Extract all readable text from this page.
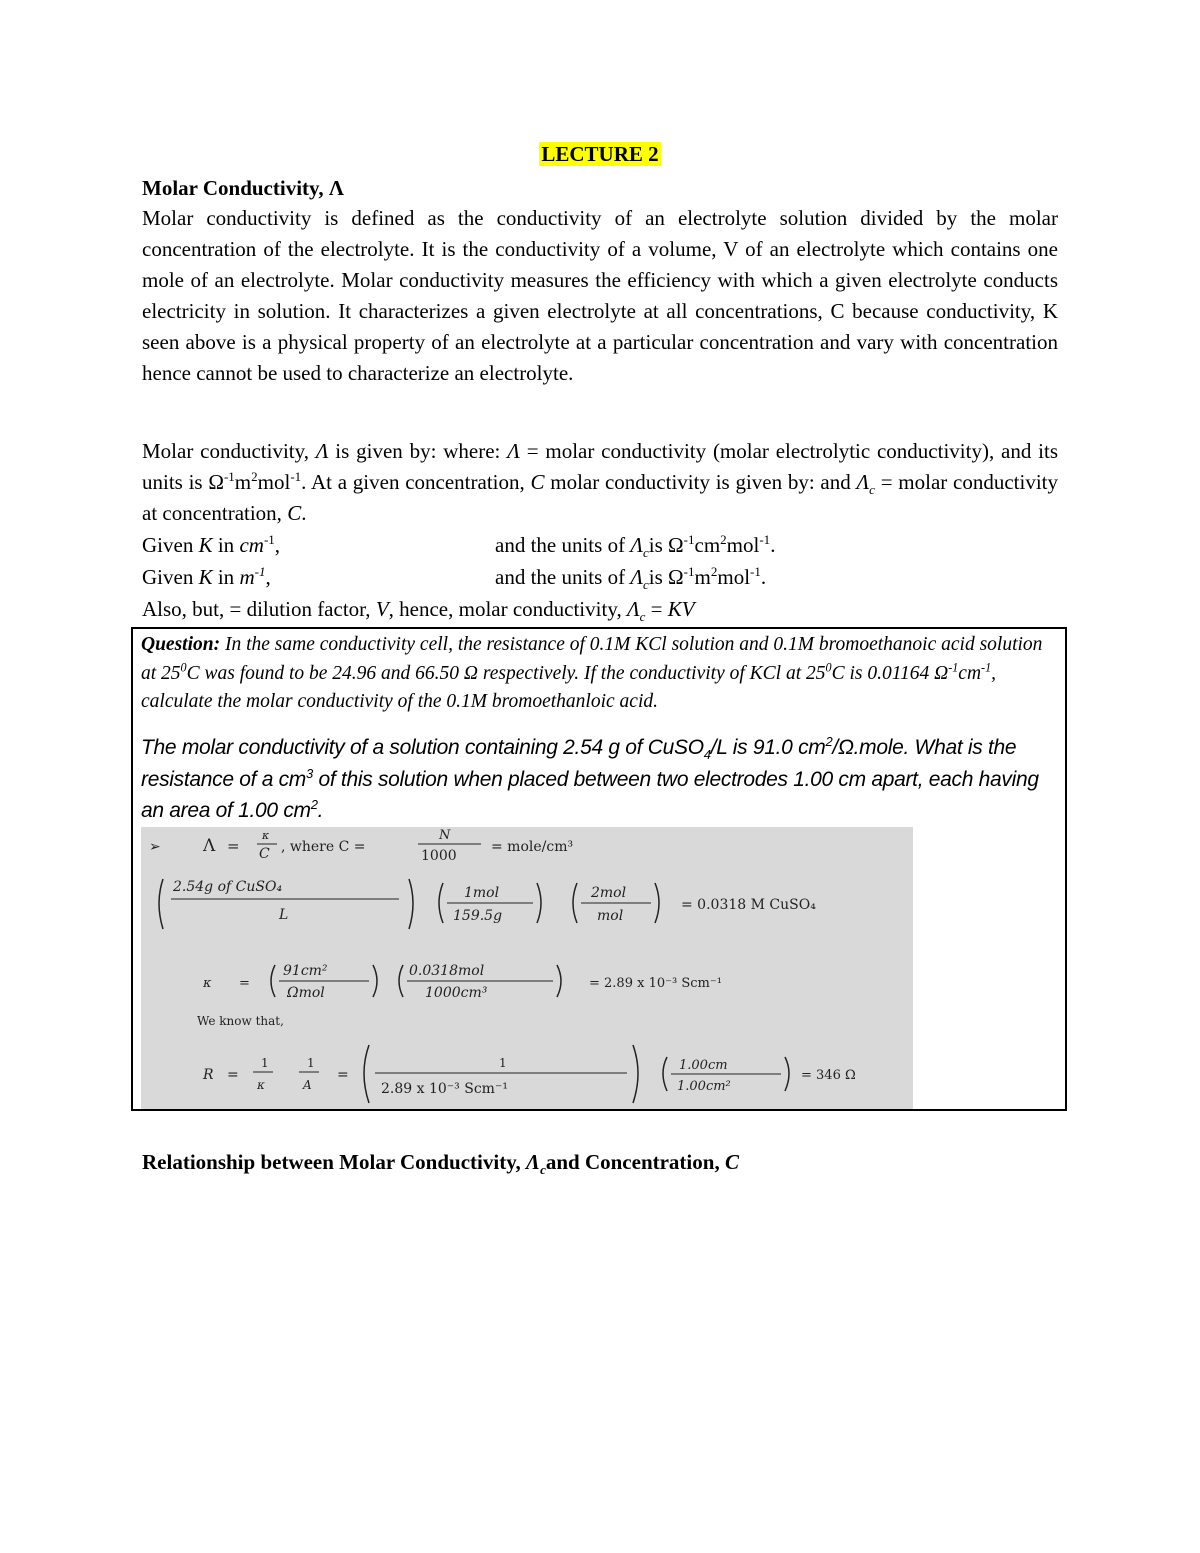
LECTURE 2
Molar Conductivity, Λ

Molar conductivity is defined as the conductivity of an electrolyte solution divided by the molar concentration of the electrolyte. It is the conductivity of a volume, V of an electrolyte which contains one mole of an electrolyte. Molar conductivity measures the efficiency with which a given electrolyte conducts electricity in solution. It characterizes a given electrolyte at all concentrations, C because conductivity, K seen above is a physical property of an electrolyte at a particular concentration and vary with concentration hence cannot be used to characterize an electrolyte.

Molar conductivity, Λ is given by: where: Λ = molar conductivity (molar electrolytic conductivity), and its units is $\Omega^{-1}m^2mol^{-1}$. At a given concentration, C molar conductivity is given by: and $\Lambda_c$ = molar conductivity at concentration, C.

Given K in $cm^{-1}$,	and the units of $\Lambda_cis$ $\Omega^{-1}cm^2mol^{-1}$.
Given K in $m^{-1}$,	and the units of $\Lambda_cis$ $\Omega^{-1}m^2mol^{-1}$.
Also, but, = dilution factor, V, hence, molar conductivity, $\Lambda_c$ = KV

Question: In the same conductivity cell, the resistance of 0.1M KCl solution and 0.1M bromoethanoic acid solution at $25^0C$ was found to be 24.96 and 66.50 Ω respectively. If the conductivity of KCl at $25^0C$ is 0.01164 $\Omega^{-1}cm^{-1}$, calculate the molar conductivity of the 0.1M bromoethanloic acid.

The molar conductivity of a solution containing 2.54 g of CuSO$_4$/L is 91.0 $cm^2/\Omega.mole$. What is the resistance of a $cm^3$ of this solution when placed between two electrodes 1.00 cm apart, each having an area of 1.00 $cm^2$.

➢ Λ =
κ
C , where C =
N
1000
= mole/cm³
2.54g of CuSO₄
L
1mol
159.5g
2mol
mol
= 0.0318 M CuSO₄
κ =
91cm²
Ωmol
0.0318mol
1000cm³
= 2.89 x 10⁻³ Scm⁻¹
We know that,
R =
1
κ
1
A
=
1
2.89 x 10⁻³ Scm⁻¹
1.00cm
1.00cm²
= 346 Ω
Relationship between Molar Conductivity, $\Lambda_cand$ Concentration, C
